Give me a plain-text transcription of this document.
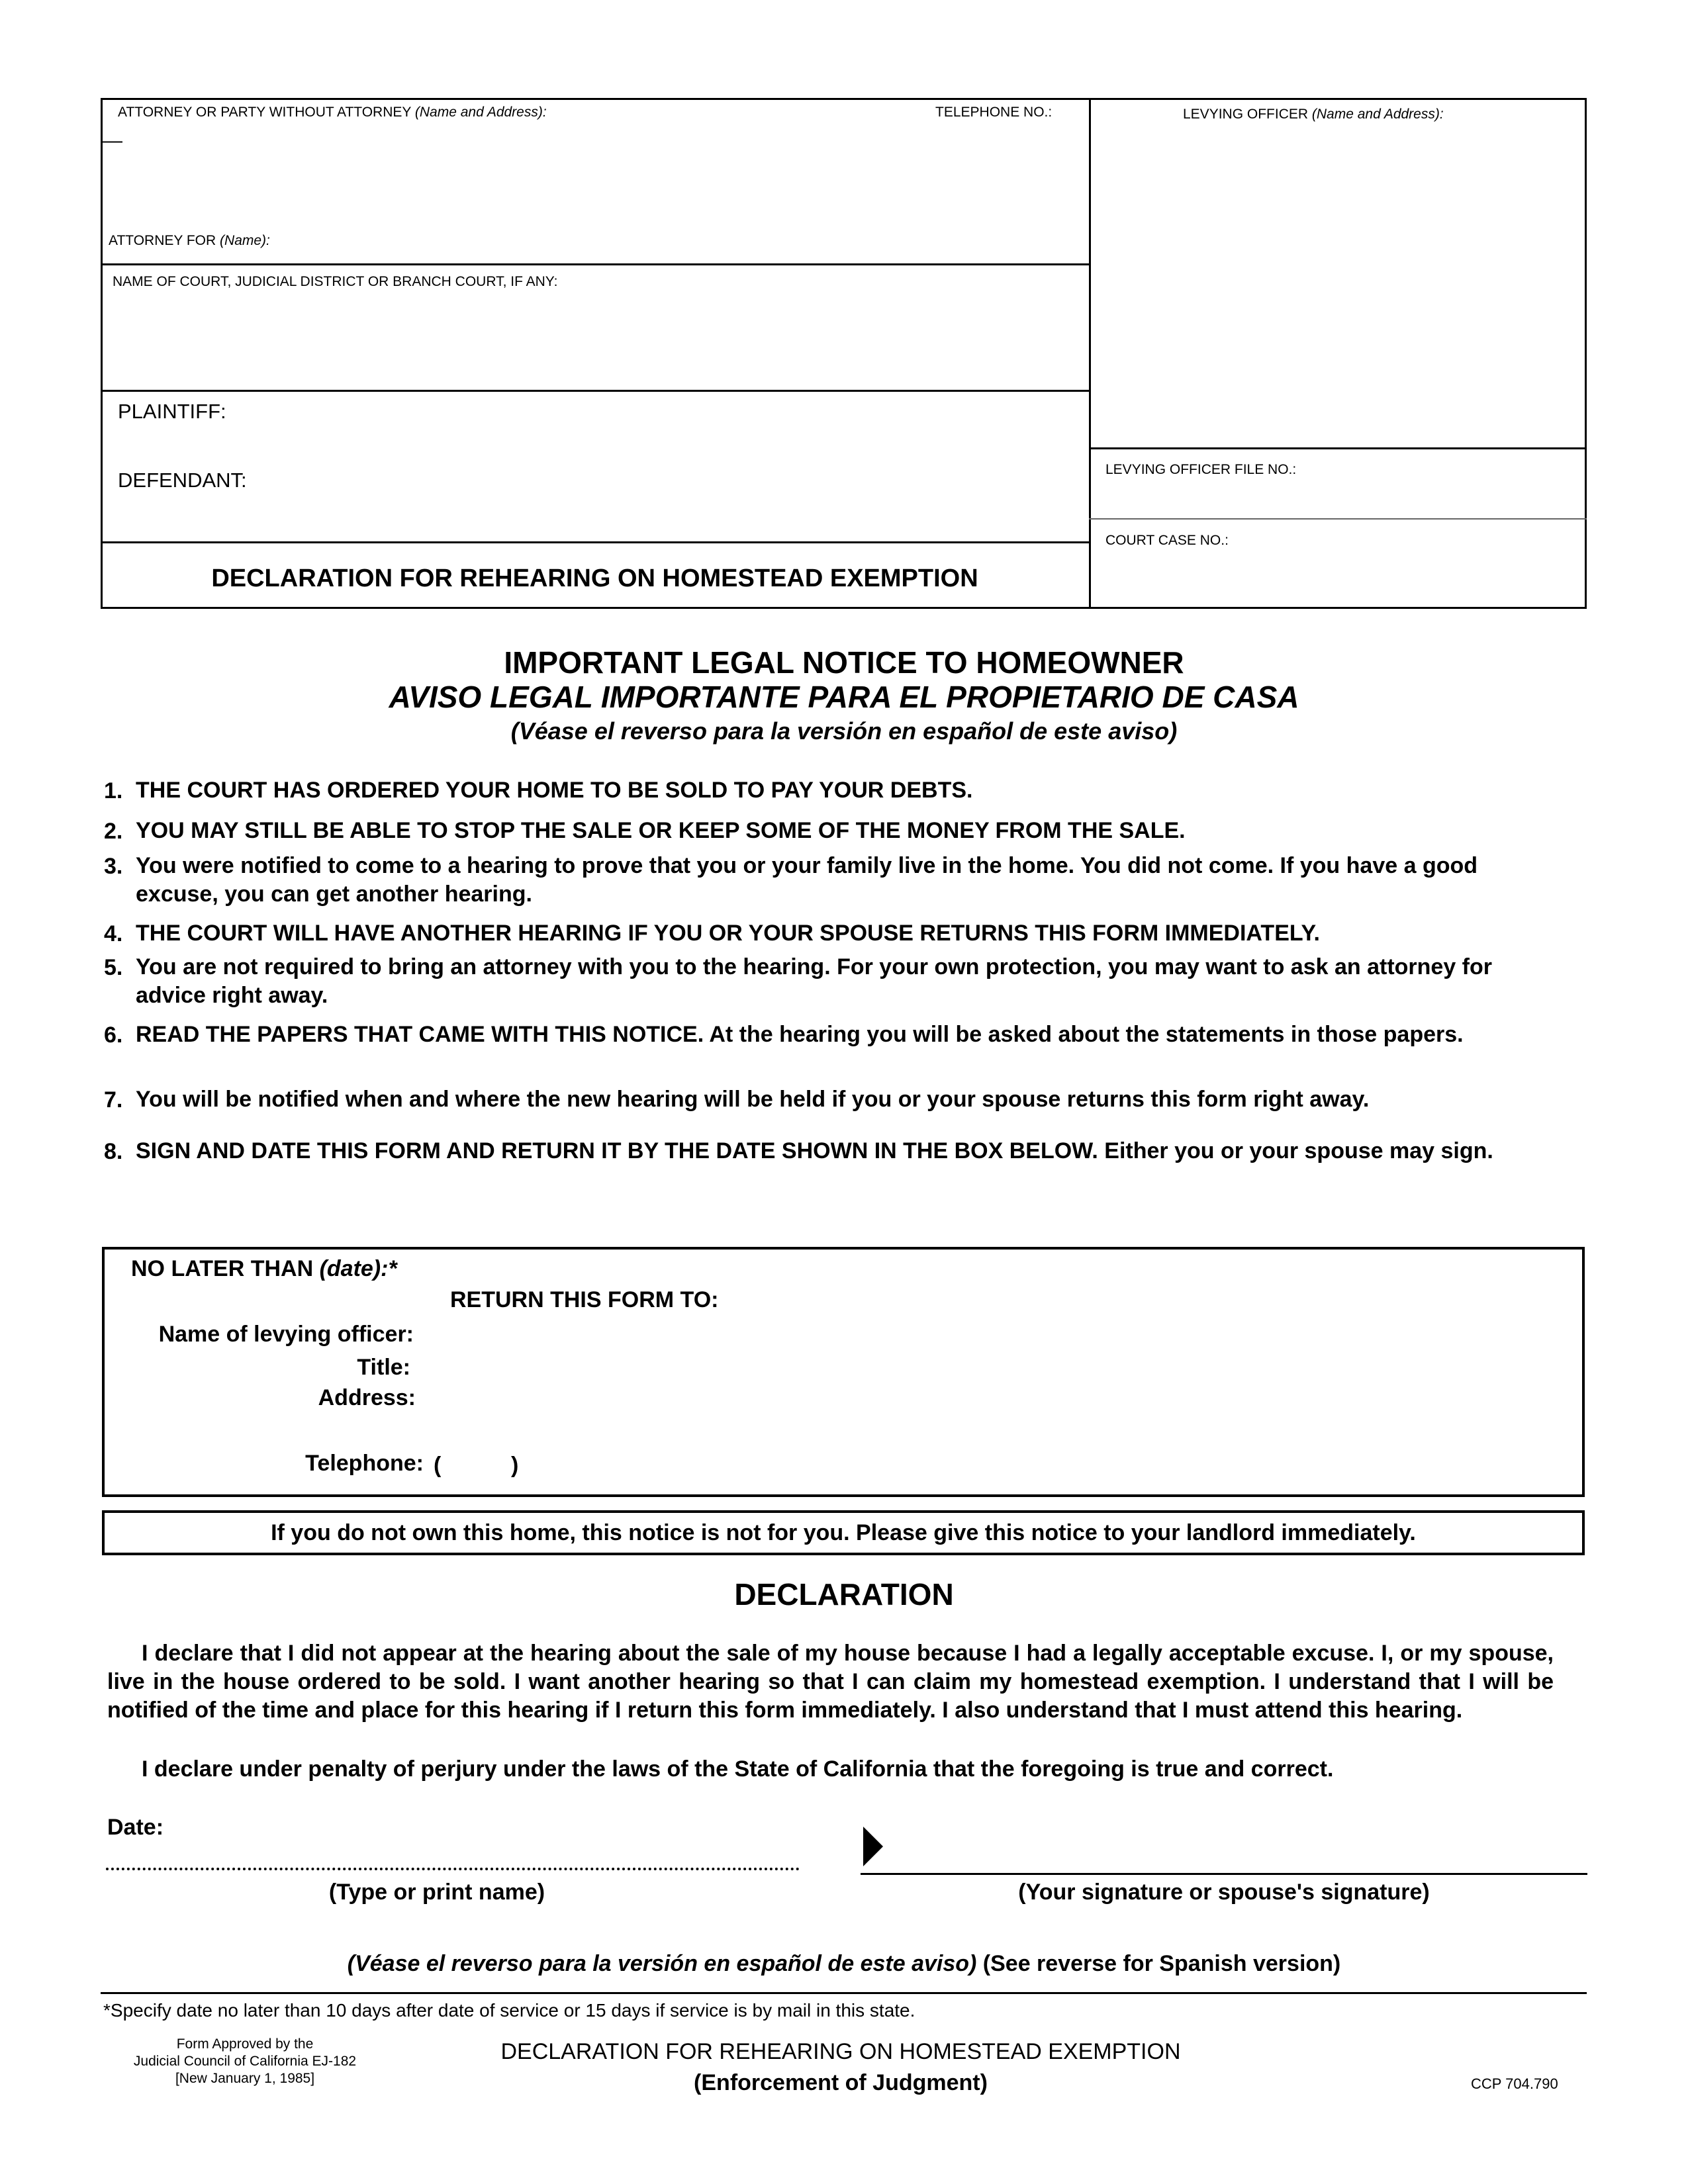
ATTORNEY OR PARTY WITHOUT ATTORNEY (Name and Address):	TELEPHONE NO.:
—
LEVYING OFFICER (Name and Address):
ATTORNEY FOR (Name):
NAME OF COURT, JUDICIAL DISTRICT OR BRANCH COURT, IF ANY:
PLAINTIFF:
DEFENDANT:	LEVYING OFFICER FILE NO.:
COURT CASE NO.:
DECLARATION FOR REHEARING ON HOMESTEAD EXEMPTION
IMPORTANT LEGAL NOTICE TO HOMEOWNER
AVISO LEGAL IMPORTANTE PARA EL PROPIETARIO DE CASA
(Véase el reverso para la versión en español de este aviso)
1. THE COURT HAS ORDERED YOUR HOME TO BE SOLD TO PAY YOUR DEBTS.
2. YOU MAY STILL BE ABLE TO STOP THE SALE OR KEEP SOME OF THE MONEY FROM THE SALE.
3. You were notified to come to a hearing to prove that you or your family live in the home. You did not come. If you have a good excuse, you can get another hearing.
4. THE COURT WILL HAVE ANOTHER HEARING IF YOU OR YOUR SPOUSE RETURNS THIS FORM IMMEDIATELY.
5. You are not required to bring an attorney with you to the hearing. For your own protection, you may want to ask an attorney for advice right away.
6. READ THE PAPERS THAT CAME WITH THIS NOTICE. At the hearing you will be asked about the statements in those papers.
7. You will be notified when and where the new hearing will be held if you or your spouse returns this form right away.
8. SIGN AND DATE THIS FORM AND RETURN IT BY THE DATE SHOWN IN THE BOX BELOW. Either you or your spouse may sign.
NO LATER THAN (date):*
RETURN THIS FORM TO:
Name of levying officer:
Title:
Address:
Telephone: (	)
If you do not own this home, this notice is not for you. Please give this notice to your landlord immediately.
DECLARATION
I declare that I did not appear at the hearing about the sale of my house because I had a legally acceptable excuse. I, or my spouse, live in the house ordered to be sold. I want another hearing so that I can claim my homestead exemption. I understand that I will be notified of the time and place for this hearing if I return this form immediately. I also understand that I must attend this hearing.
I declare under penalty of perjury under the laws of the State of California that the foregoing is true and correct.
Date:
(Type or print name)	(Your signature or spouse's signature)
(Véase el reverso para la versión en español de este aviso) (See reverse for Spanish version)
*Specify date no later than 10 days after date of service or 15 days if service is by mail in this state.
Form Approved by the
Judicial Council of California EJ-182
[New January 1, 1985]
DECLARATION FOR REHEARING ON HOMESTEAD EXEMPTION
(Enforcement of Judgment)	CCP 704.790
